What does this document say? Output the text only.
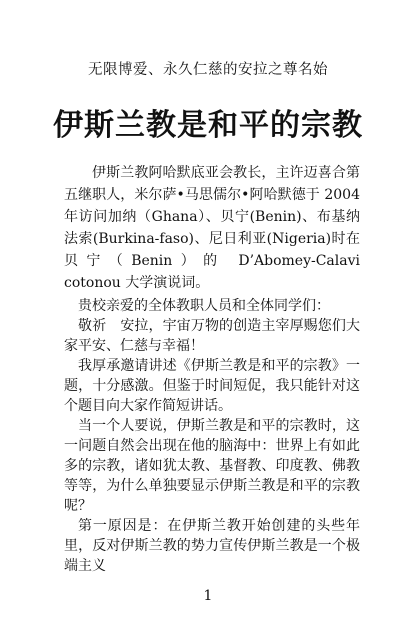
无限博爱、永久仁慈的安拉之尊名始
伊斯兰教是和平的宗教

伊斯兰教阿哈默底亚会教长，主许迈喜合第五继职人，米尔萨•马思儒尔•阿哈默德于 2004 年访问加纳（Ghana）、贝宁(Benin)、布基纳法索(Burkina-faso)、尼日利亚(Nigeria)时在贝宁（Benin）的 D’Abomey-Calavi cotonou 大学演说词。

贵校亲爱的全体教职人员和全体同学们：

敬祈　安拉，宇宙万物的创造主宰厚赐您们大家平安、仁慈与幸福！

我厚承邀请讲述《伊斯兰教是和平的宗教》一题，十分感激。但鉴于时间短促，我只能针对这个题目向大家作简短讲话。

当一个人要说，伊斯兰教是和平的宗教时，这一问题自然会出现在他的脑海中：世界上有如此多的宗教，诸如犹太教、基督教、印度教、佛教等等，为什么单独要显示伊斯兰教是和平的宗教呢？

第一原因是：在伊斯兰教开始创建的头些年里，反对伊斯兰教的势力宣传伊斯兰教是一个极端主义

1
